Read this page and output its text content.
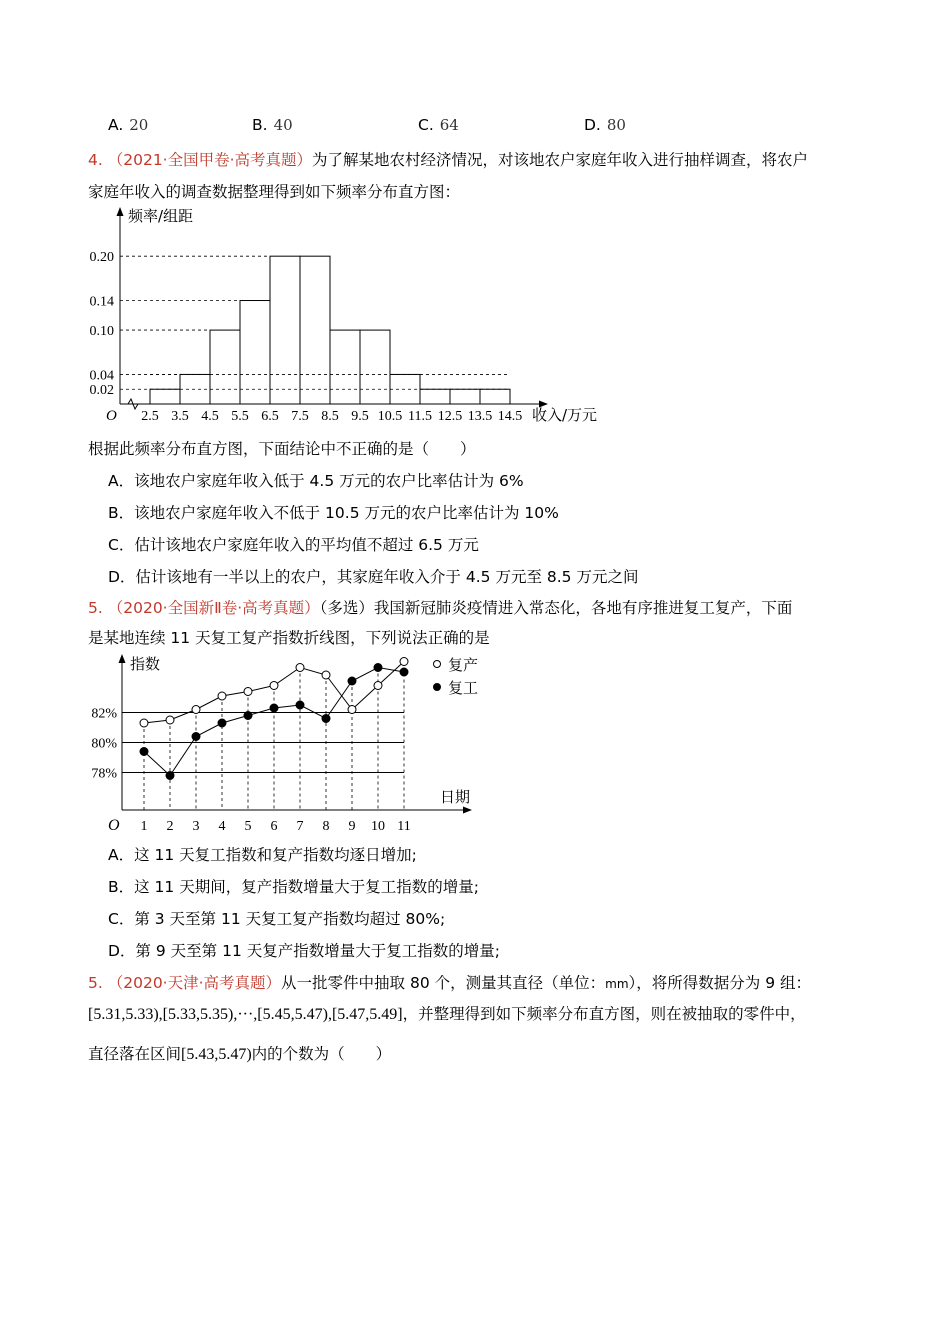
A. 20	B. 40	C. 64	D. 80
4. （2021·全国甲卷·高考真题）为了解某地农村经济情况，对该地农户家庭年收入进行抽样调查，将农户
家庭年收入的调查数据整理得到如下频率分布直方图：
频率/组距
O
0.20
0.14
0.10
0.04
0.02
2.5 3.5 4.5 5.5 6.5 7.5 8.5 9.5 10.5 11.5 12.5 13.5 14.5 收入/万元
根据此频率分布直方图，下面结论中不正确的是（　　）
A．该地农户家庭年收入低于 4.5 万元的农户比率估计为 6%
B．该地农户家庭年收入不低于 10.5 万元的农户比率估计为 10%
C．估计该地农户家庭年收入的平均值不超过 6.5 万元
D．估计该地有一半以上的农户，其家庭年收入介于 4.5 万元至 8.5 万元之间
5. （2020·全国新Ⅱ卷·高考真题）（多选）我国新冠肺炎疫情进入常态化，各地有序推进复工复产，下面
是某地连续 11 天复工复产指数折线图，下列说法正确的是
指数
O
日期
82%
80%
78%
1 2 3 4 5 6 7 8 9 10 11
复产
复工
A．这 11 天复工指数和复产指数均逐日增加;
B．这 11 天期间，复产指数增量大于复工指数的增量;
C．第 3 天至第 11 天复工复产指数均超过 80%;
D．第 9 天至第 11 天复产指数增量大于复工指数的增量;
5. （2020·天津·高考真题）从一批零件中抽取 80 个，测量其直径（单位：mm），将所得数据分为 9 组：
[5.31,5.33),[5.33,5.35),···,[5.45,5.47),[5.47,5.49]，并整理得到如下频率分布直方图，则在被抽取的零件中，
直径落在区间[5.43,5.47)内的个数为（　　）
